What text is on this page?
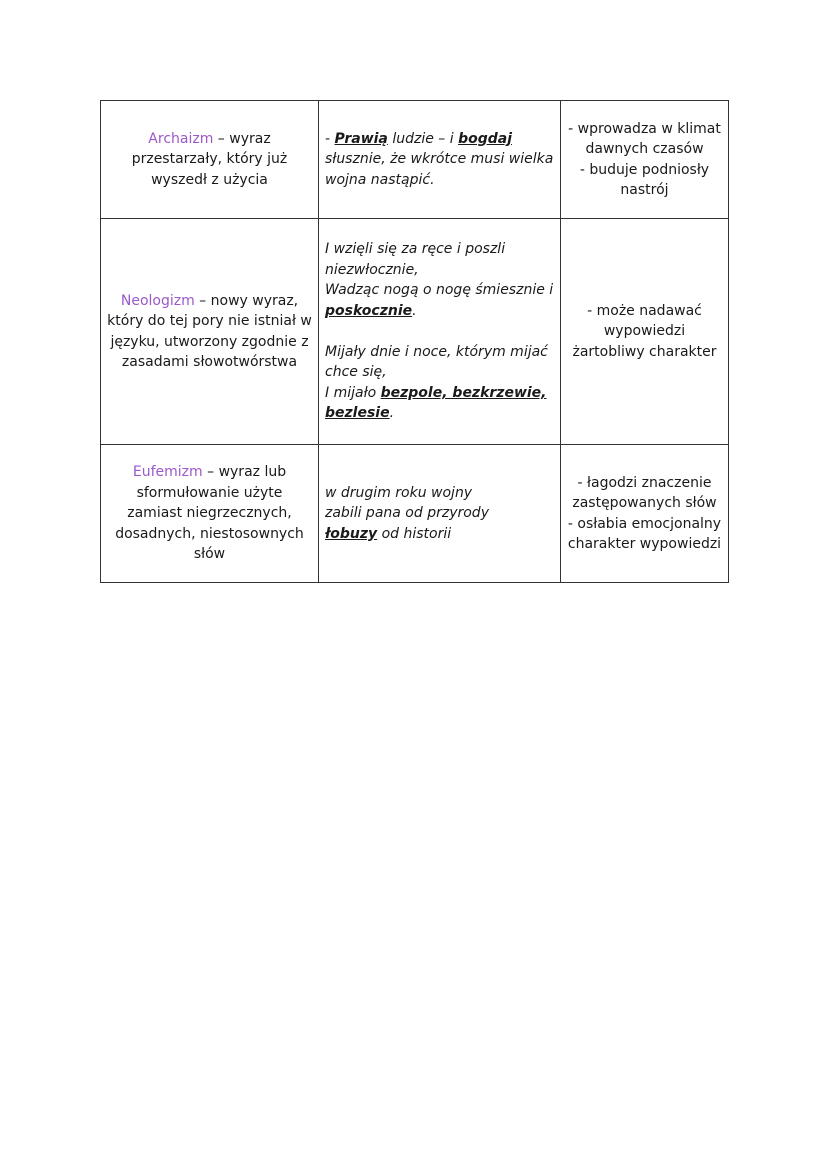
Archaizm – wyraz przestarzały, który już wyszedł z użycia	- Prawią ludzie – i bogdaj słusznie, że wkrótce musi wielka wojna nastąpić.	- wprowadza w klimat dawnych czasów
- buduje podniosły nastrój

Neologizm – nowy wyraz, który do tej pory nie istniał w języku, utworzony zgodnie z zasadami słowotwórstwa	I wzięli się za ręce i poszli niezwłocznie,
Wadząc nogą o nogę śmiesznie i poskocznie.
Mijały dnie i noce, którym mijać chce się,
I mijało bezpole, bezkrzewie, bezlesie.	- może nadawać wypowiedzi żartobliwy charakter

Eufemizm – wyraz lub sformułowanie użyte zamiast niegrzecznych, dosadnych, niestosownych słów	w drugim roku wojny
zabili pana od przyrody
łobuzy od historii	- łagodzi znaczenie zastępowanych słów
- osłabia emocjonalny charakter wypowiedzi
